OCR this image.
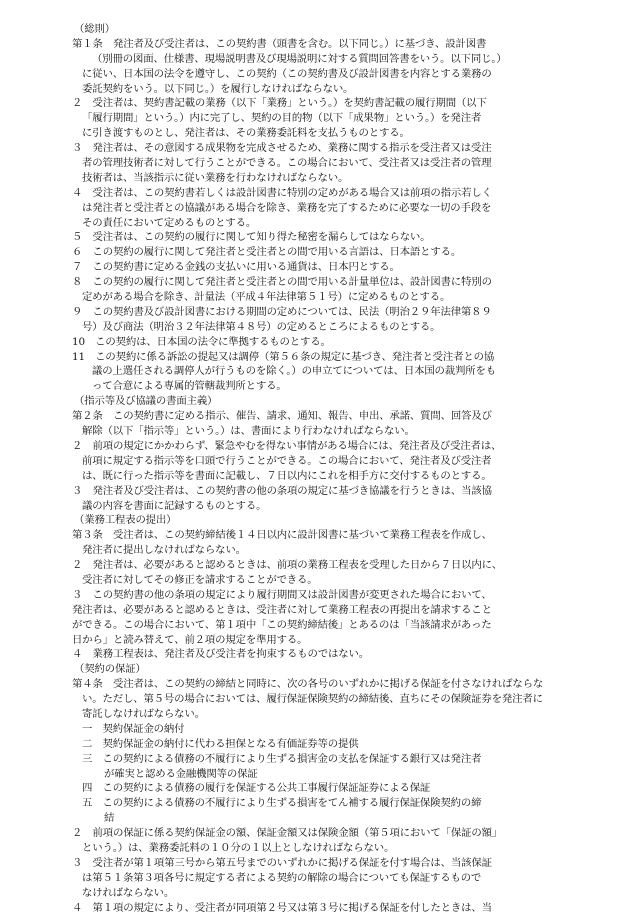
（総則）
第１条　発注者及び受注者は、この契約書（頭書を含む。以下同じ。）に基づき、設計図書
（別冊の図面、仕様書、現場説明書及び現場説明に対する質問回答書をいう。以下同じ。）
に従い、日本国の法令を遵守し、この契約（この契約書及び設計図書を内容とする業務の
委託契約をいう。以下同じ。）を履行しなければならない。
２　受注者は、契約書記載の業務（以下「業務」という。）を契約書記載の履行期間（以下
「履行期間」という。）内に完了し、契約の目的物（以下「成果物」という。）を発注者
に引き渡すものとし、発注者は、その業務委託料を支払うものとする。
３　発注者は、その意図する成果物を完成させるため、業務に関する指示を受注者又は受注
者の管理技術者に対して行うことができる。この場合において、受注者又は受注者の管理
技術者は、当該指示に従い業務を行わなければならない。
４　受注者は、この契約書若しくは設計図書に特別の定めがある場合又は前項の指示若しく
は発注者と受注者との協議がある場合を除き、業務を完了するために必要な一切の手段を
その責任において定めるものとする。
５　受注者は、この契約の履行に関して知り得た秘密を漏らしてはならない。
６　この契約の履行に関して発注者と受注者との間で用いる言語は、日本語とする。
７　この契約書に定める金銭の支払いに用いる通貨は、日本円とする。
８　この契約の履行に関して発注者と受注者との間で用いる計量単位は、設計図書に特別の
定めがある場合を除き、計量法（平成４年法律第５１号）に定めるものとする。
９　この契約書及び設計図書における期間の定めについては、民法（明治２９年法律第８９
号）及び商法（明治３２年法律第４８号）の定めるところによるものとする。
10　この契約は、日本国の法令に準拠するものとする。
11　この契約に係る訴訟の提起又は調停（第５６条の規定に基づき、発注者と受注者との協
議の上選任される調停人が行うものを除く。）の申立てについては、日本国の裁判所をも
って合意による専属的管轄裁判所とする。
（指示等及び協議の書面主義）
第２条　この契約書に定める指示、催告、請求、通知、報告、申出、承諾、質問、回答及び
解除（以下「指示等」という。）は、書面により行わなければならない。
２　前項の規定にかかわらず、緊急やむを得ない事情がある場合には、発注者及び受注者は、
前項に規定する指示等を口頭で行うことができる。この場合において、発注者及び受注者
は、既に行った指示等を書面に記載し、７日以内にこれを相手方に交付するものとする。
３　発注者及び受注者は、この契約書の他の条項の規定に基づき協議を行うときは、当該協
議の内容を書面に記録するものとする。
（業務工程表の提出）
第３条　受注者は、この契約締結後１４日以内に設計図書に基づいて業務工程表を作成し、
発注者に提出しなければならない。
２　発注者は、必要があると認めるときは、前項の業務工程表を受理した日から７日以内に、
受注者に対してその修正を請求することができる。
３　この契約書の他の条項の規定により履行期間又は設計図書が変更された場合において、
発注者は、必要があると認めるときは、受注者に対して業務工程表の再提出を請求すること
ができる。この場合において、第１項中「この契約締結後」とあるのは「当該請求があった
日から」と読み替えて、前２項の規定を準用する。
４　業務工程表は、発注者及び受注者を拘束するものではない。
（契約の保証）
第４条　受注者は、この契約の締結と同時に、次の各号のいずれかに掲げる保証を付さなければならな
い。ただし、第５号の場合においては、履行保証保険契約の締結後、直ちにその保険証券を発注者に
寄託しなければならない。
一　契約保証金の納付
二　契約保証金の納付に代わる担保となる有価証券等の提供
三　この契約による債務の不履行により生ずる損害金の支払を保証する銀行又は発注者
が確実と認める金融機関等の保証
四　この契約による債務の履行を保証する公共工事履行保証証券による保証
五　この契約による債務の不履行により生ずる損害をてん補する履行保証保険契約の締
結
２　前項の保証に係る契約保証金の額、保証金額又は保険金額（第５項において「保証の額」
という。）は、業務委託料の１０分の１以上としなければならない。
３　受注者が第１項第三号から第五号までのいずれかに掲げる保証を付す場合は、当該保証
は第５１条第３項各号に規定する者による契約の解除の場合についても保証するもので
なければならない。
４　第１項の規定により、受注者が同項第２号又は第３号に掲げる保証を付したときは、当
